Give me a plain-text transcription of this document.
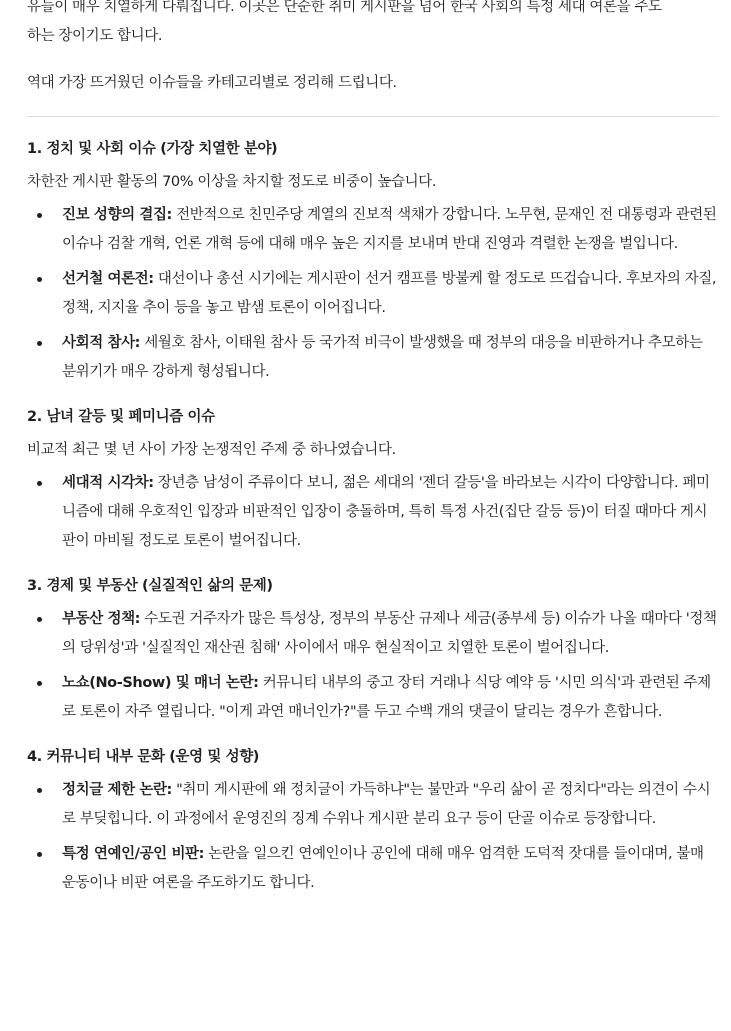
유들이 매우 치열하게 다뤄집니다. 이곳은 단순한 취미 게시판을 넘어 한국 사회의 특정 세대 여론을 주도

하는 장이기도 합니다.

역대 가장 뜨거웠던 이슈들을 카테고리별로 정리해 드립니다.

1. 정치 및 사회 이슈 (가장 치열한 분야)

차한잔 게시판 활동의 70% 이상을 차지할 정도로 비중이 높습니다.

진보 성향의 결집: 전반적으로 친민주당 계열의 진보적 색채가 강합니다. 노무현, 문재인 전 대통령과 관련된 이슈나 검찰 개혁, 언론 개혁 등에 대해 매우 높은 지지를 보내며 반대 진영과 격렬한 논쟁을 벌입니다.
선거철 여론전: 대선이나 총선 시기에는 게시판이 선거 캠프를 방불케 할 정도로 뜨겁습니다. 후보자의 자질, 정책, 지지율 추이 등을 놓고 밤샘 토론이 이어집니다.
사회적 참사: 세월호 참사, 이태원 참사 등 국가적 비극이 발생했을 때 정부의 대응을 비판하거나 추모하는 분위기가 매우 강하게 형성됩니다.

2. 남녀 갈등 및 페미니즘 이슈

비교적 최근 몇 년 사이 가장 논쟁적인 주제 중 하나였습니다.

세대적 시각차: 장년층 남성이 주류이다 보니, 젊은 세대의 '젠더 갈등'을 바라보는 시각이 다양합니다. 페미니즘에 대해 우호적인 입장과 비판적인 입장이 충돌하며, 특히 특정 사건(집단 갈등 등)이 터질 때마다 게시판이 마비될 정도로 토론이 벌어집니다.

3. 경제 및 부동산 (실질적인 삶의 문제)

부동산 정책: 수도권 거주자가 많은 특성상, 정부의 부동산 규제나 세금(종부세 등) 이슈가 나올 때마다 '정책의 당위성'과 '실질적인 재산권 침해' 사이에서 매우 현실적이고 치열한 토론이 벌어집니다.
노쇼(No-Show) 및 매너 논란: 커뮤니티 내부의 중고 장터 거래나 식당 예약 등 '시민 의식'과 관련된 주제로 토론이 자주 열립니다. "이게 과연 매너인가?"를 두고 수백 개의 댓글이 달리는 경우가 흔합니다.

4. 커뮤니티 내부 문화 (운영 및 성향)

정치글 제한 논란: "취미 게시판에 왜 정치글이 가득하냐"는 불만과 "우리 삶이 곧 정치다"라는 의견이 수시로 부딪힙니다. 이 과정에서 운영진의 징계 수위나 게시판 분리 요구 등이 단골 이슈로 등장합니다.
특정 연예인/공인 비판: 논란을 일으킨 연예인이나 공인에 대해 매우 엄격한 도덕적 잣대를 들이대며, 불매 운동이나 비판 여론을 주도하기도 합니다.
